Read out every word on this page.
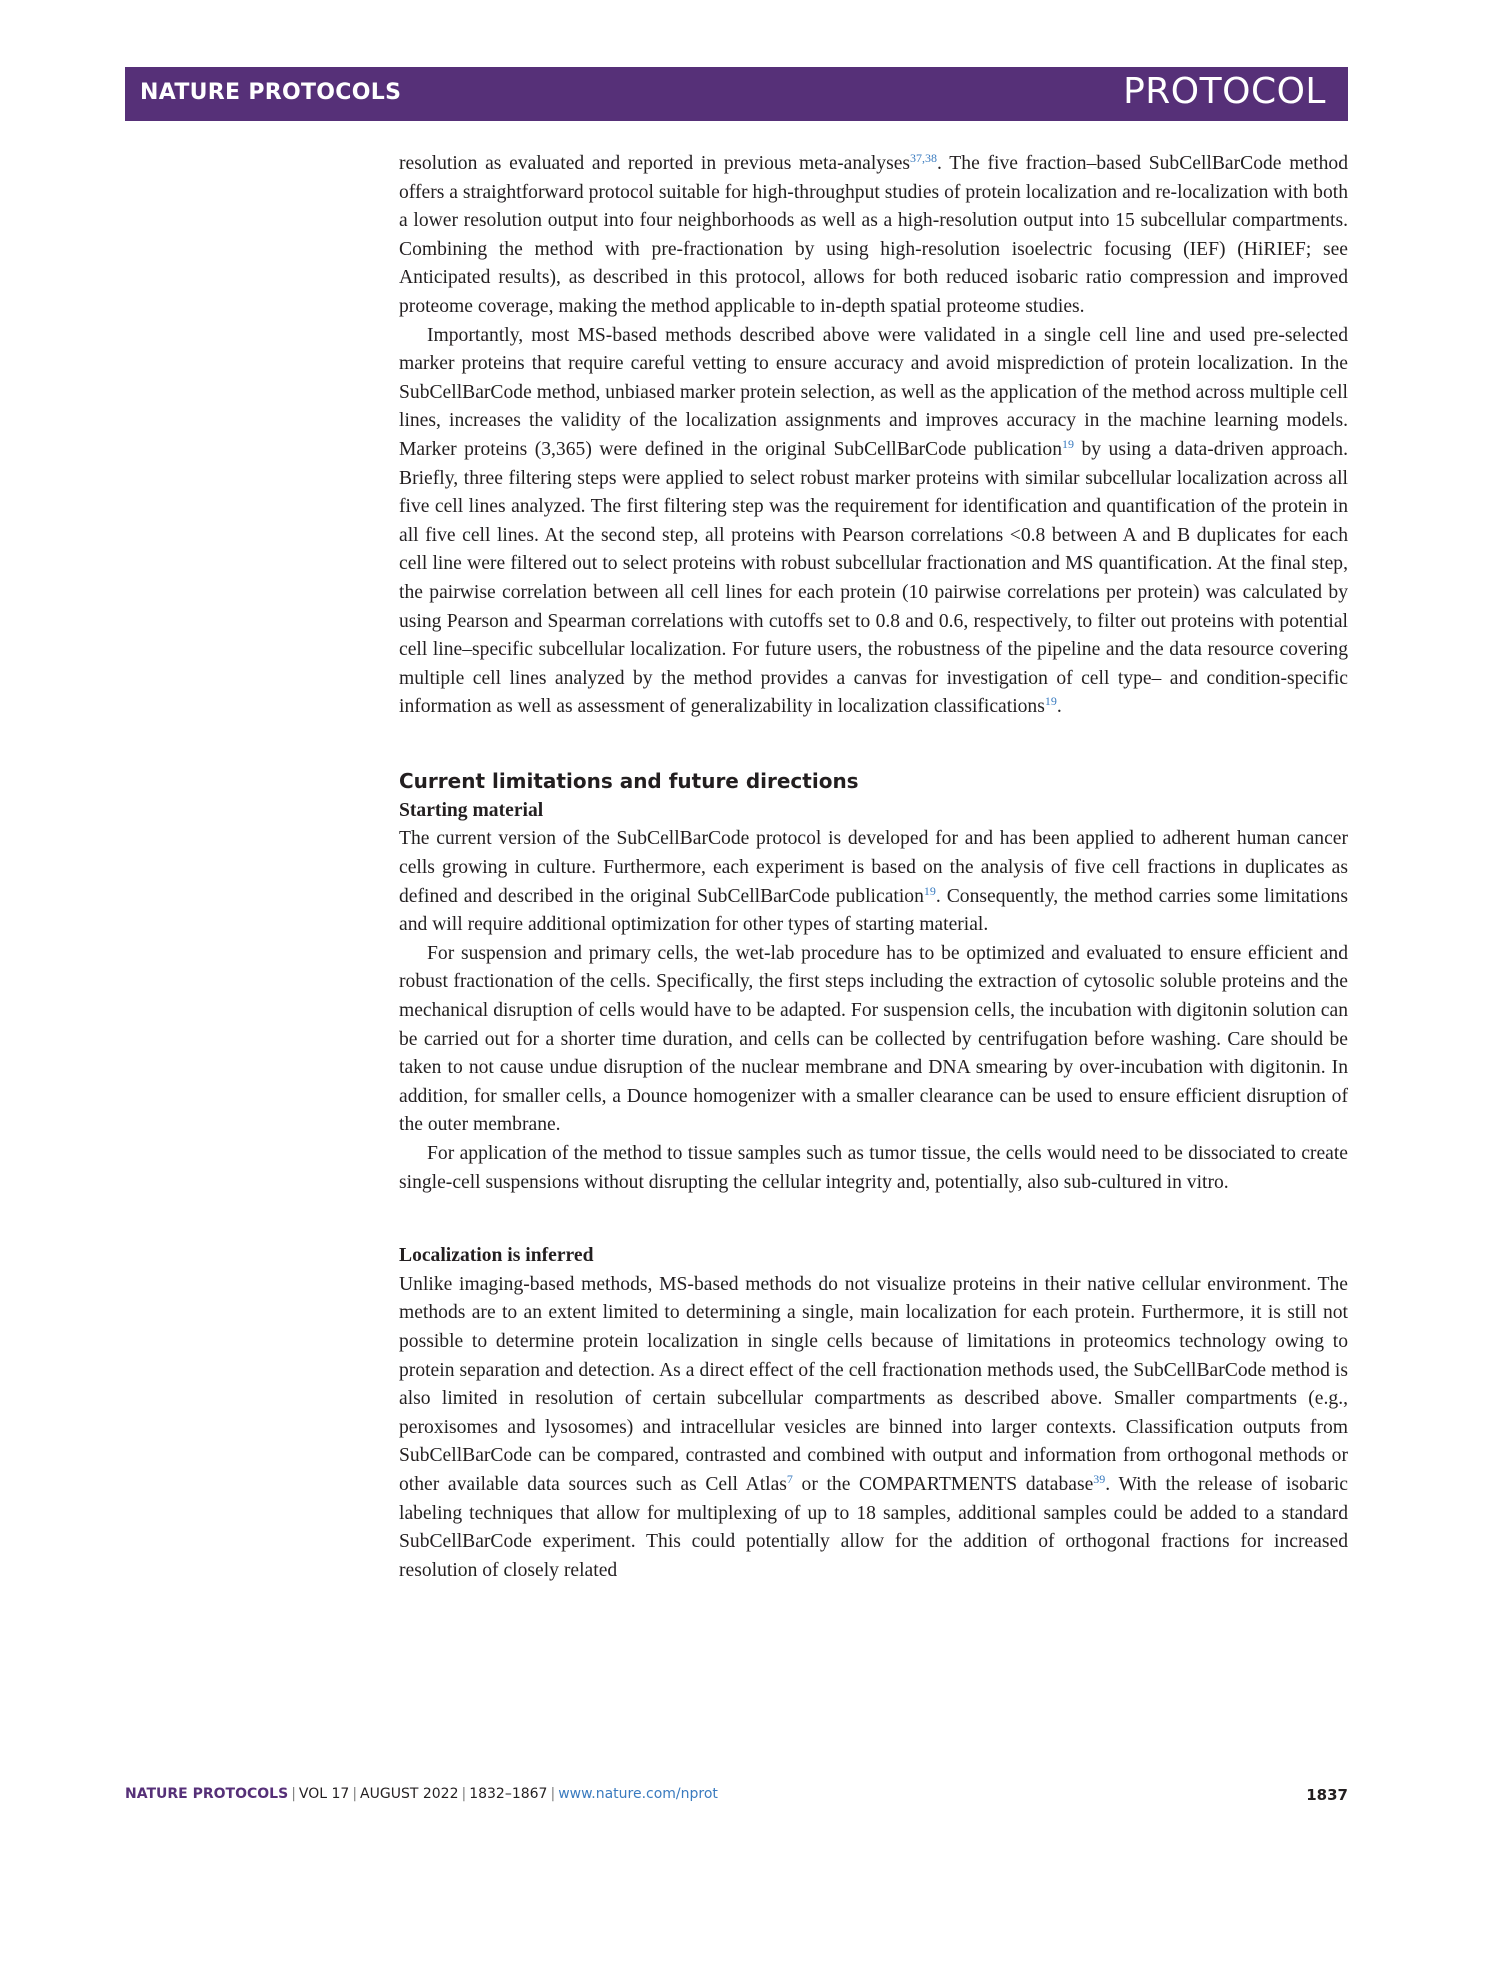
NATURE PROTOCOLS	PROTOCOL

resolution as evaluated and reported in previous meta-analyses$^{37,38}$. The five fraction–based SubCellBarCode method offers a straightforward protocol suitable for high-throughput studies of protein localization and re-localization with both a lower resolution output into four neighborhoods as well as a high-resolution output into 15 subcellular compartments. Combining the method with pre-fractionation by using high-resolution isoelectric focusing (IEF) (HiRIEF; see Anticipated results), as described in this protocol, allows for both reduced isobaric ratio compression and improved proteome coverage, making the method applicable to in-depth spatial proteome studies.

Importantly, most MS-based methods described above were validated in a single cell line and used pre-selected marker proteins that require careful vetting to ensure accuracy and avoid misprediction of protein localization. In the SubCellBarCode method, unbiased marker protein selection, as well as the application of the method across multiple cell lines, increases the validity of the localization assignments and improves accuracy in the machine learning models. Marker proteins (3,365) were defined in the original SubCellBarCode publication$^{19}$ by using a data-driven approach. Briefly, three filtering steps were applied to select robust marker proteins with similar subcellular localization across all five cell lines analyzed. The first filtering step was the requirement for identification and quantification of the protein in all five cell lines. At the second step, all proteins with Pearson correlations <0.8 between A and B duplicates for each cell line were filtered out to select proteins with robust subcellular fractionation and MS quantification. At the final step, the pairwise correlation between all cell lines for each protein (10 pairwise correlations per protein) was calculated by using Pearson and Spearman correlations with cutoffs set to 0.8 and 0.6, respectively, to filter out proteins with potential cell line–specific subcellular localization. For future users, the robustness of the pipeline and the data resource covering multiple cell lines analyzed by the method provides a canvas for investigation of cell type– and condition-specific information as well as assessment of generalizability in localization classifications$^{19}$.

Current limitations and future directions
Starting material

The current version of the SubCellBarCode protocol is developed for and has been applied to adherent human cancer cells growing in culture. Furthermore, each experiment is based on the analysis of five cell fractions in duplicates as defined and described in the original SubCellBarCode publication$^{19}$. Consequently, the method carries some limitations and will require additional optimization for other types of starting material.

For suspension and primary cells, the wet-lab procedure has to be optimized and evaluated to ensure efficient and robust fractionation of the cells. Specifically, the first steps including the extraction of cytosolic soluble proteins and the mechanical disruption of cells would have to be adapted. For suspension cells, the incubation with digitonin solution can be carried out for a shorter time duration, and cells can be collected by centrifugation before washing. Care should be taken to not cause undue disruption of the nuclear membrane and DNA smearing by over-incubation with digitonin. In addition, for smaller cells, a Dounce homogenizer with a smaller clearance can be used to ensure efficient disruption of the outer membrane.

For application of the method to tissue samples such as tumor tissue, the cells would need to be dissociated to create single-cell suspensions without disrupting the cellular integrity and, potentially, also sub-cultured in vitro.

Localization is inferred

Unlike imaging-based methods, MS-based methods do not visualize proteins in their native cellular environment. The methods are to an extent limited to determining a single, main localization for each protein. Furthermore, it is still not possible to determine protein localization in single cells because of limitations in proteomics technology owing to protein separation and detection. As a direct effect of the cell fractionation methods used, the SubCellBarCode method is also limited in resolution of certain subcellular compartments as described above. Smaller compartments (e.g., peroxisomes and lysosomes) and intracellular vesicles are binned into larger contexts. Classification outputs from SubCellBarCode can be compared, contrasted and combined with output and information from orthogonal methods or other available data sources such as Cell Atlas$^7$ or the COMPARTMENTS database$^{39}$. With the release of isobaric labeling techniques that allow for multiplexing of up to 18 samples, additional samples could be added to a standard SubCellBarCode experiment. This could potentially allow for the addition of orthogonal fractions for increased resolution of closely related

NATURE PROTOCOLS | VOL 17 | AUGUST 2022 | 1832–1867 | www.nature.com/nprot	1837
